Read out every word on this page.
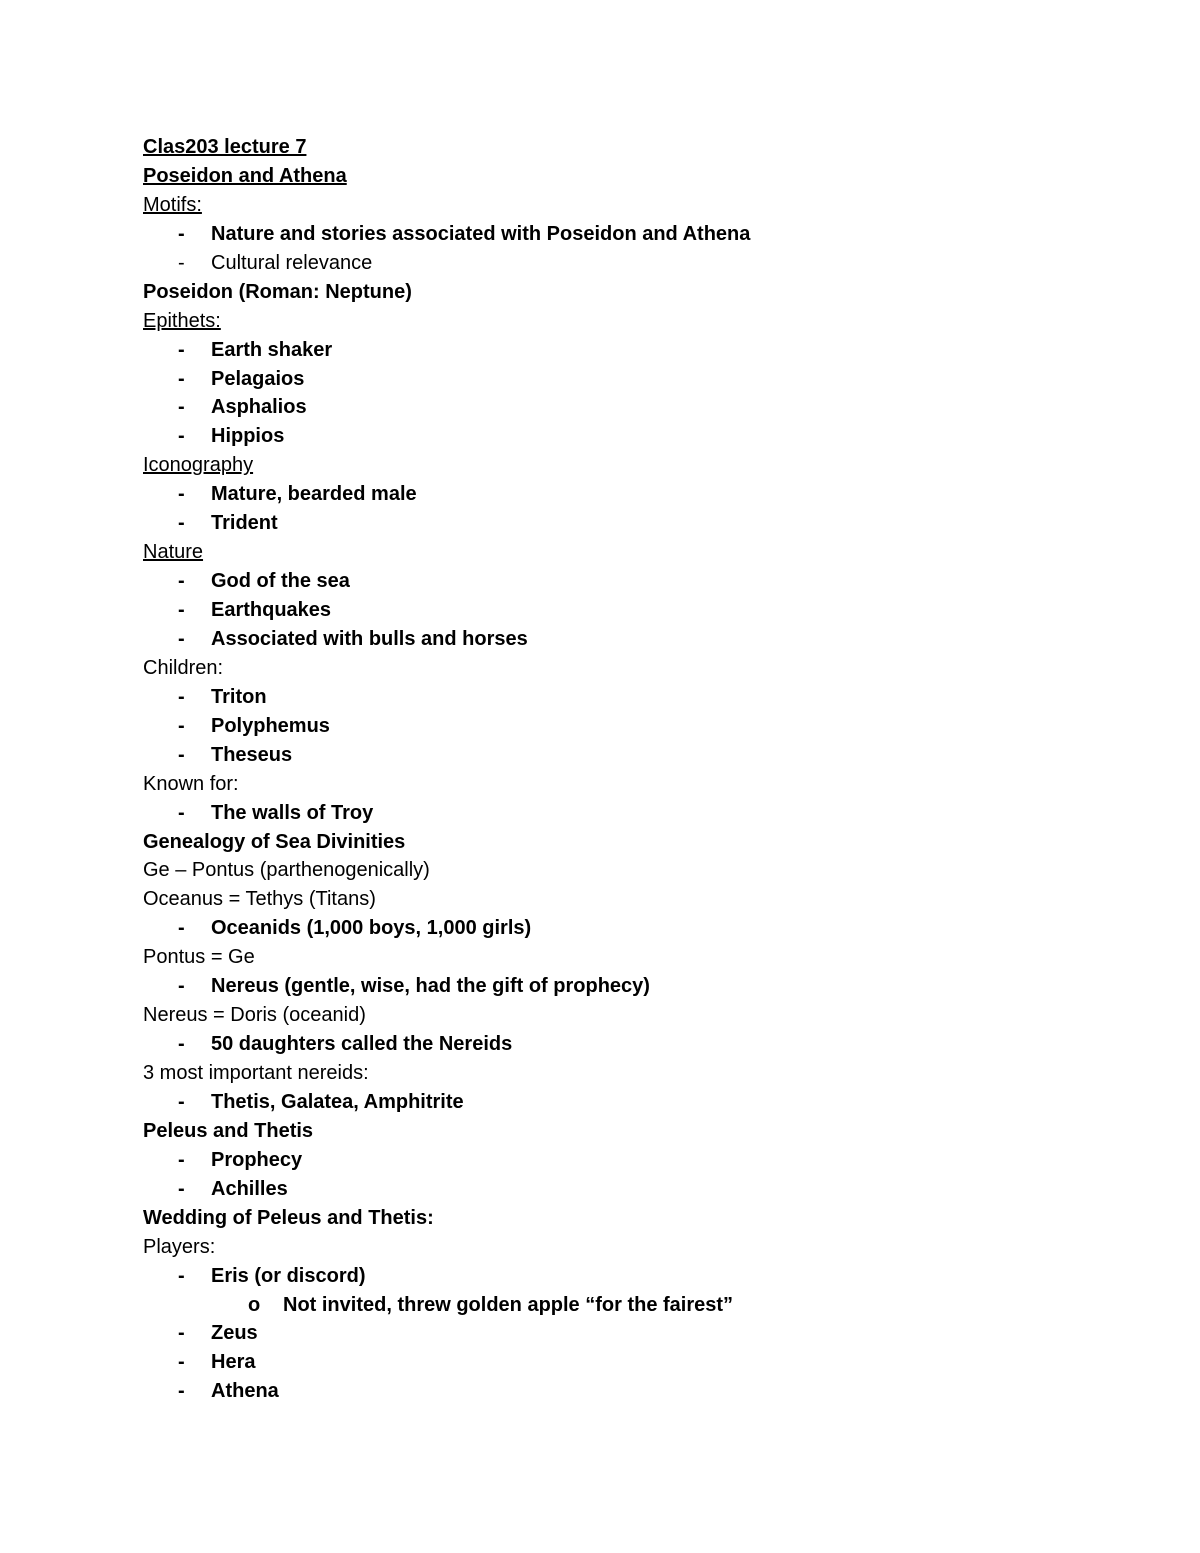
Clas203 lecture 7
Poseidon and Athena
Motifs:
- Nature and stories associated with Poseidon and Athena
- Cultural relevance
Poseidon (Roman: Neptune)
Epithets:
- Earth shaker
- Pelagaios
- Asphalios
- Hippios
Iconography
- Mature, bearded male
- Trident
Nature
- God of the sea
- Earthquakes
- Associated with bulls and horses
Children:
- Triton
- Polyphemus
- Theseus
Known for:
- The walls of Troy
Genealogy of Sea Divinities
Ge – Pontus (parthenogenically)
Oceanus = Tethys (Titans)
- Oceanids (1,000 boys, 1,000 girls)
Pontus = Ge
- Nereus (gentle, wise, had the gift of prophecy)
Nereus = Doris (oceanid)
- 50 daughters called the Nereids
3 most important nereids:
- Thetis, Galatea, Amphitrite
Peleus and Thetis
- Prophecy
- Achilles
Wedding of Peleus and Thetis:
Players:
- Eris (or discord)
o Not invited, threw golden apple “for the fairest”
- Zeus
- Hera
- Athena
